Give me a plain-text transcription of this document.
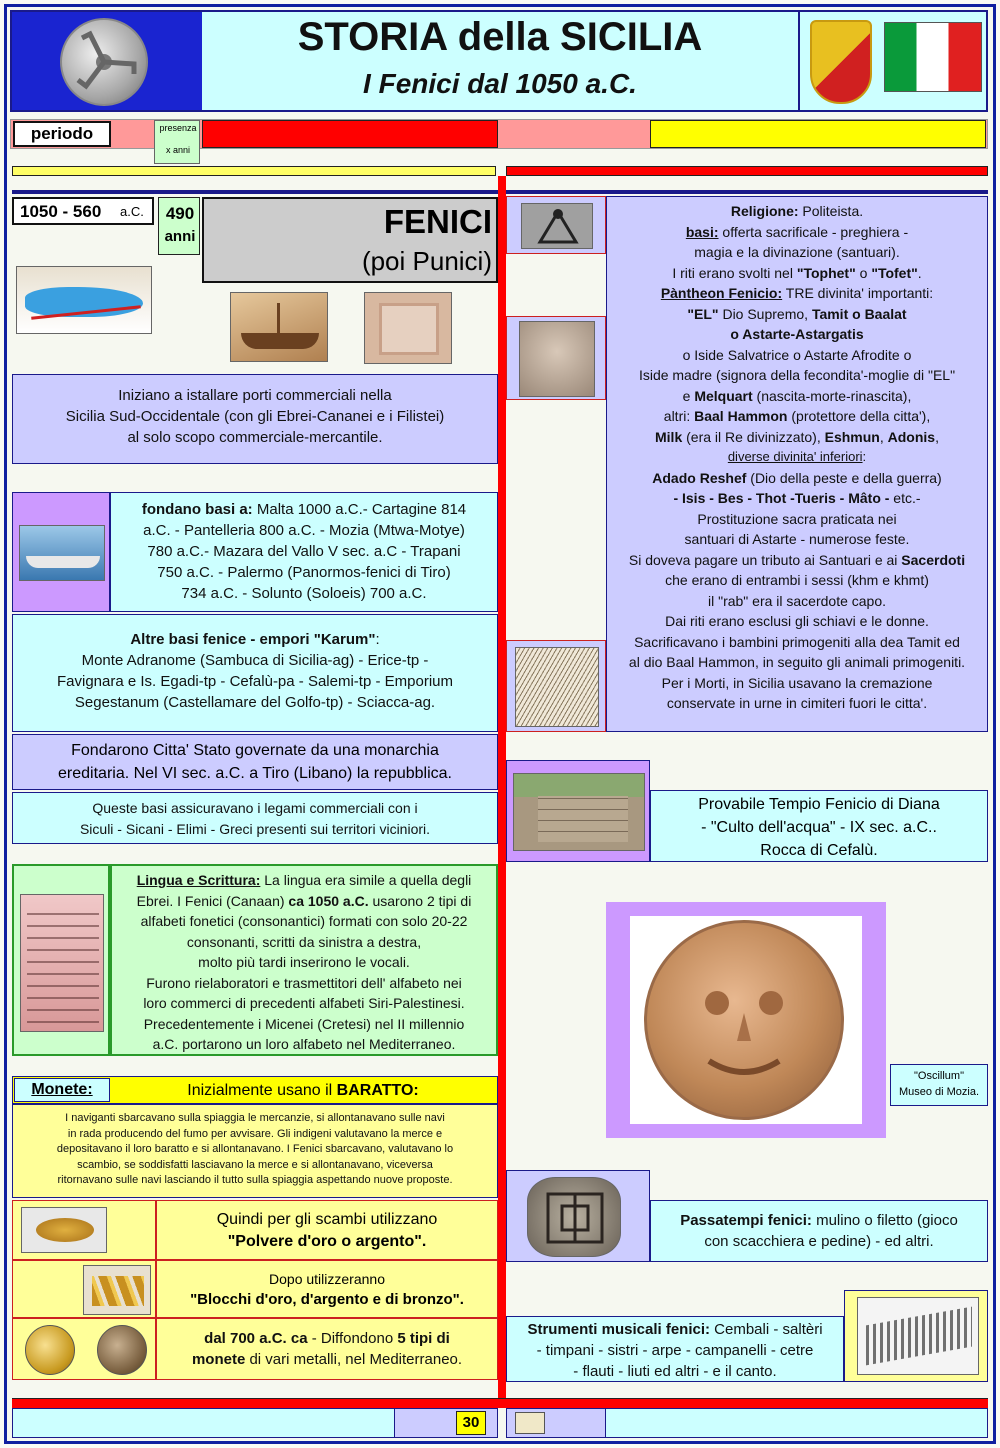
STORIA della SICILIA
I Fenici dal 1050 a.C.
periodo	presenza
x anni
1050 - 560 a.C.	490
anni	FENICI
(poi Punici)
Iniziano a istallare porti commerciali nella
Sicilia Sud-Occidentale (con gli Ebrei-Cananei e i Filistei)
al solo scopo commerciale-mercantile.
fondano basi a: Malta 1000 a.C.- Cartagine 814
a.C. - Pantelleria 800 a.C. - Mozia (Mtwa-Motye)
780 a.C.- Mazara del Vallo V sec. a.C - Trapani
750 a.C. - Palermo (Panormos-fenici di Tiro)
734 a.C. - Solunto (Soloeis) 700 a.C.
Altre basi fenice - empori "Karum":
Monte Adranome (Sambuca di Sicilia-ag) - Erice-tp -
Favignara e Is. Egadi-tp - Cefalù-pa - Salemi-tp - Emporium
Segestanum (Castellamare del Golfo-tp) - Sciacca-ag.
Fondarono Citta' Stato governate da una monarchia
ereditaria. Nel VI sec. a.C. a Tiro (Libano) la repubblica.
Queste basi assicuravano i legami commerciali con i
Siculi - Sicani - Elimi - Greci presenti sui territori viciniori.
Lingua e Scrittura: La lingua era simile a quella degli
Ebrei. I Fenici (Canaan) ca 1050 a.C. usarono 2 tipi di
alfabeti fonetici (consonantici) formati con solo 20-22
consonanti, scritti da sinistra a destra,
molto più tardi inserirono le vocali.
Furono rielaboratori e trasmettitori dell' alfabeto nei
loro commerci di precedenti alfabeti Siri-Palestinesi.
Precedentemente i Micenei (Cretesi) nel II millennio
a.C. portarono un loro alfabeto nel Mediterraneo.
Monete:	Inizialmente usano il BARATTO:
I naviganti sbarcavano sulla spiaggia le mercanzie, si allontanavano sulle navi
in rada producendo del fumo per avvisare. Gli indigeni valutavano la merce e
depositavano il loro baratto e si allontanavano. I Fenici sbarcavano, valutavano lo
scambio, se soddisfatti lasciavano la merce e si allontanavano, viceversa
ritornavano sulle navi lasciando il tutto sulla spiaggia aspettando nuove proposte.
Quindi per gli scambi utilizzano
"Polvere d'oro o argento".
Dopo utilizzeranno
"Blocchi d'oro, d'argento e di bronzo".
dal 700 a.C. ca - Diffondono 5 tipi di
monete di vari metalli, nel Mediterraneo.
Religione: Politeista.
basi: offerta sacrificale - preghiera -
magia e la divinazione (santuari).
I riti erano svolti nel "Tophet" o "Tofet".
Pàntheon Fenicio: TRE divinita' importanti:
"EL" Dio Supremo, Tamit o Baalat
o Astarte-Astargatis
o Iside Salvatrice o Astarte Afrodite o
Iside madre (signora della fecondita'-moglie di "EL"
e Melquart (nascita-morte-rinascita),
altri: Baal Hammon (protettore della citta'),
Milk (era il Re divinizzato), Eshmun, Adonis,
diverse divinita' inferiori:
Adado Reshef (Dio della peste e della guerra)
- Isis - Bes - Thot -Tueris - Mâto - etc.-
Prostituzione sacra praticata nei
santuari di Astarte - numerose feste.
Si doveva pagare un tributo ai Santuari e ai Sacerdoti
che erano di entrambi i sessi (khm e khmt)
il "rab" era il sacerdote capo.
Dai riti erano esclusi gli schiavi e le donne.
Sacrificavano i bambini primogeniti alla dea Tamit ed
al dio Baal Hammon, in seguito gli animali primogeniti.
Per i Morti, in Sicilia usavano la cremazione
conservate in urne in cimiteri fuori le citta'.
Provabile Tempio Fenicio di Diana
- "Culto dell'acqua" - IX sec. a.C..
Rocca di Cefalù.
"Oscillum"
Museo di Mozia.
Passatempi fenici: mulino o filetto (gioco
con scacchiera e pedine) - ed altri.
Strumenti musicali fenici: Cembali - saltèri
- timpani - sistri - arpe - campanelli - cetre
- flauti - liuti ed altri - e il canto.
30
